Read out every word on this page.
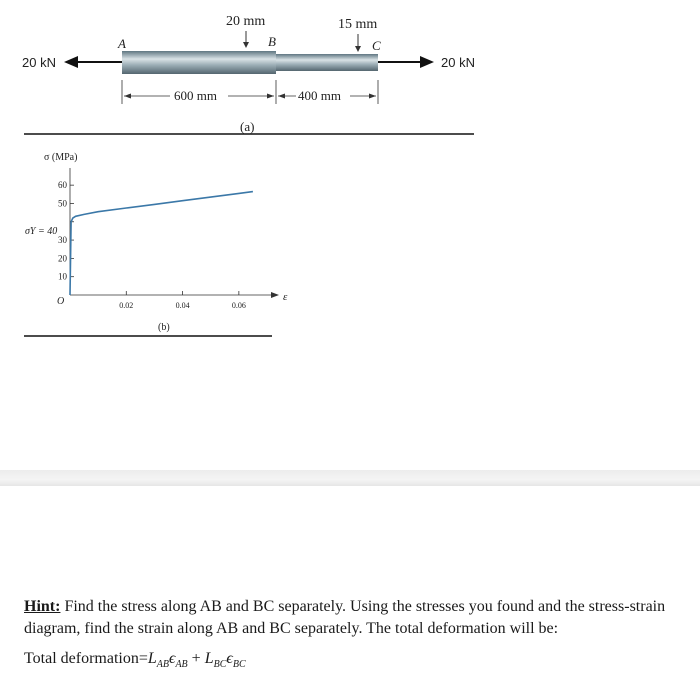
20 mm	15 mm
A	B	C
20 kN	20 kN
600 mm	400 mm
(a)
σ (MPa)
σY = 40
O	ε
10
20
30
50
60
0.02	0.04	0.06
(b)
Hint: Find the stress along AB and BC separately. Using the stresses you found and the stress-strain diagram, find the strain along AB and BC separately. The total deformation will be:
Total $deformation=L_{AB}\epsilon_{AB} + L_{BC}\epsilon_{BC}$
